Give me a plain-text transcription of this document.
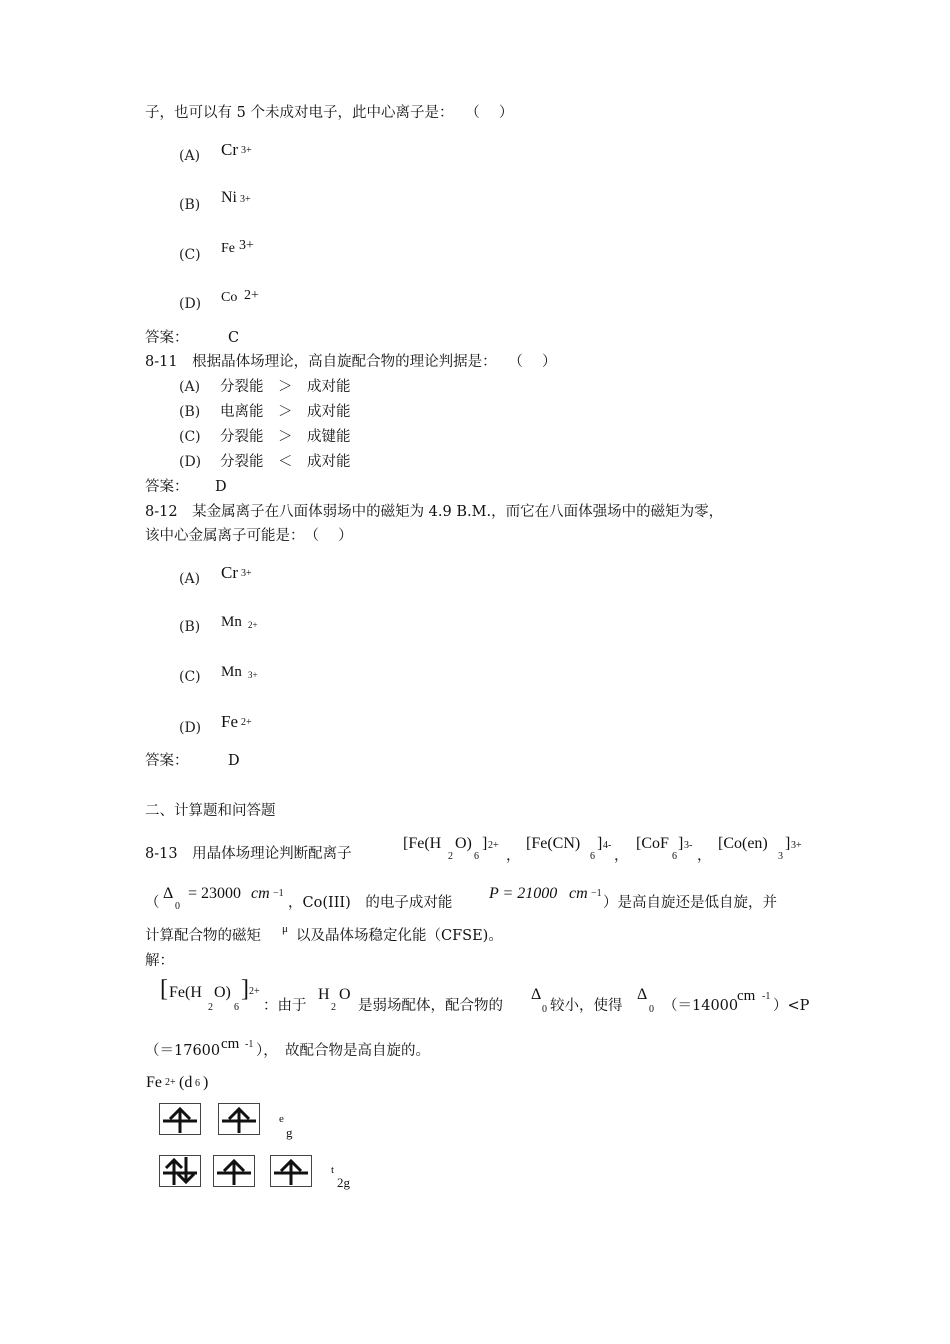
子，也可以有 5 个未成对电子，此中心离子是：　 （　 ）
(A) Cr 3+
(B) Ni 3+
(C) Fe 3+
(D) Co 2+
答案：	C
8-11　根据晶体场理论，高自旋配合物的理论判据是：　 （　 ）
(A) 分裂能　＞　成对能
(B) 电离能　＞　成对能
(C) 分裂能　＞　成键能
(D) 分裂能　＜　成对能
答案： D
8-12　某金属离子在八面体弱场中的磁矩为 4.9 B.M.，而它在八面体强场中的磁矩为零，
该中心金属离子可能是：　（　 ）
(A) Cr 3+
(B) Mn 2+
(C) Mn 3+
(D) Fe 2+
答案：	D
二、计算题和问答题
8-13　用晶体场理论判断配离子
[Fe(H
2
O)
6
] 2+
，
[Fe(CN)
6
] 4-
，
[CoF
6
] 3-
，
[Co(en)
3
] 3+
（
Δ
0
= 23000 cm −1
，Co(III)　的电子成对能
P = 21000 cm −1
）是高自旋还是低自旋，并
计算配合物的磁矩 μ 以及晶体场稳定化能（CFSE)。
解：
[ Fe(H
2
O)
6
] 2+
：由于
H
2
O
是弱场配体，配合物的
Δ
0 较小，使得
Δ
0 （＝14000
cm -1
）<P
（＝17600 cm -1 ），　故配合物是高自旋的。
Fe 2+ (d 6 )
e
g
t
2g
